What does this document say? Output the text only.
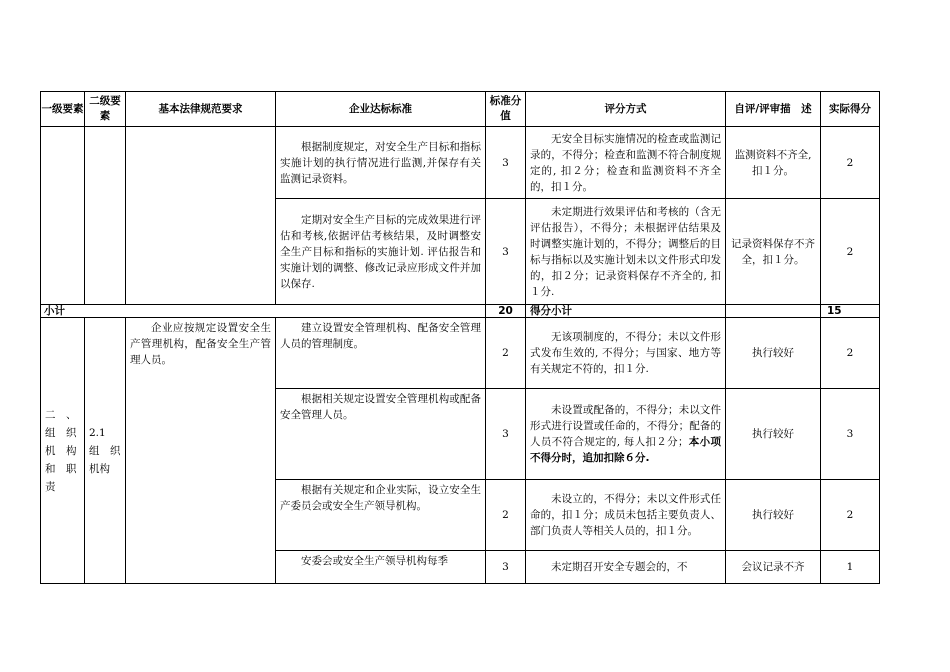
一级要素	二级要素	基本法律规范要求	企业达标标准	标准分值	评分方式	自评/评审描　述	实际得分
			根据制度规定，对安全生产目标和指标实施计划的执行情况进行监测,并保存有关监测记录资料。	3	无安全目标实施情况的检查或监测记录的，不得分；检查和监测不符合制度规定的, 扣２分；检查和监测资料不齐全的，扣１分。	监测资料不齐全, 扣１分。	2
			定期对安全生产目标的完成效果进行评估和考核,依据评估考核结果，及时调整安全生产目标和指标的实施计划. 评估报告和实施计划的调整、修改记录应形成文件并加以保存.	3	未定期进行效果评估和考核的（含无评估报告），不得分；未根据评估结果及时调整实施计划的，不得分；调整后的目标与指标以及实施计划未以文件形式印发的，扣２分；记录资料保存不齐全的, 扣１分.	记录资料保存不齐全，扣１分。	2
小计				20	得分小计		15
二　、组　织　机　构　和　职　责	2.1　组　织　机构	企业应按规定设置安全生产管理机构，配备安全生产管理人员。	建立设置安全管理机构、配备安全管理人员的管理制度。	2	无该项制度的，不得分；未以文件形式发布生效的, 不得分；与国家、地方等有关规定不符的，扣１分.	执行较好	2
			根据相关规定设置安全管理机构或配备安全管理人员。	3	未设置或配备的，不得分；未以文件形式进行设置或任命的，不得分；配备的人员不符合规定的, 每人扣２分；本小项不得分时，追加扣除６分.	执行较好	3
			根据有关规定和企业实际，设立安全生产委员会或安全生产领导机构。	2	未设立的，不得分；未以文件形式任命的，扣１分；成员未包括主要负责人、部门负责人等相关人员的，扣１分。	执行较好	2
			安委会或安全生产领导机构每季	3	未定期召开安全专题会的，不	会议记录不齐	1
